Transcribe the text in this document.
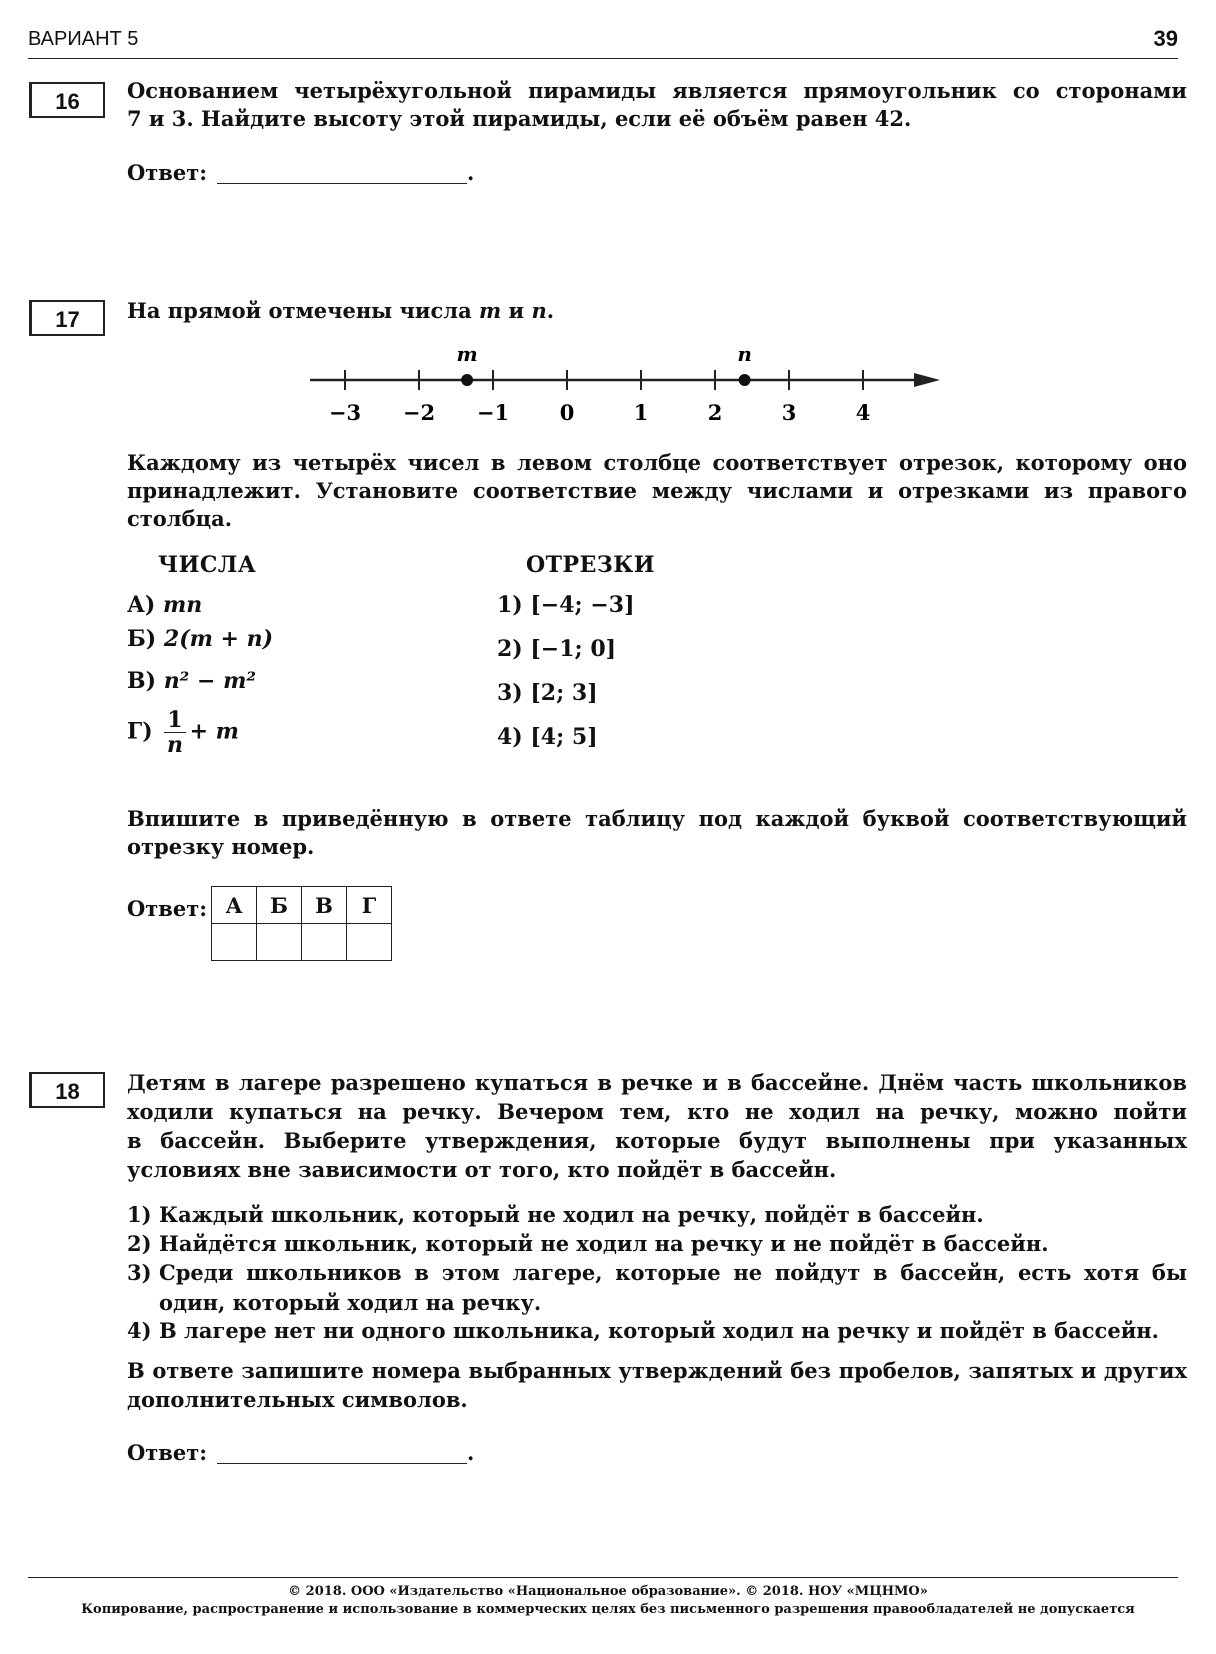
ВАРИАНТ 5	39
16	Основанием четырёхугольной пирамиды является прямоугольник со сторонами
7 и 3. Найдите высоту этой пирамиды, если её объём равен 42.
Ответ:	.
17	На прямой отмечены числа m и n.
−3 −2 −1 0	1	2	3	4
m	n
Каждому из четырёх чисел в левом столбце соответствует отрезок, которому оно
принадлежит. Установите соответствие между числами и отрезками из правого
столбца.
ЧИСЛА	ОТРЕЗКИ
А) mn
Б) 2(m + n)
В) n² − m²
$Г) \frac{1}{n} + m$
1) [−4; −3]
2) [−1; 0]
3) [2; 3]
4) [4; 5]
Впишите в приведённую в ответе таблицу под каждой буквой соответствующий
отрезку номер.
Ответ: А	Б	В	Г

18	Детям в лагере разрешено купаться в речке и в бассейне. Днём часть школьников
ходили купаться на речку. Вечером тем, кто не ходил на речку, можно пойти
в бассейн. Выберите утверждения, которые будут выполнены при указанных
условиях вне зависимости от того, кто пойдёт в бассейн.
1) Каждый школьник, который не ходил на речку, пойдёт в бассейн.
2) Найдётся школьник, который не ходил на речку и не пойдёт в бассейн.
3) Среди школьников в этом лагере, которые не пойдут в бассейн, есть хотя бы один, который ходил на речку.
4) В лагере нет ни одного школьника, который ходил на речку и пойдёт в бассейн.
В ответе запишите номера выбранных утверждений без пробелов, запятых и других
дополнительных символов.
Ответ:	.
© 2018. ООО «Издательство «Национальное образование». © 2018. НОУ «МЦНМО»
Копирование, распространение и использование в коммерческих целях без письменного разрешения правообладателей не допускается
